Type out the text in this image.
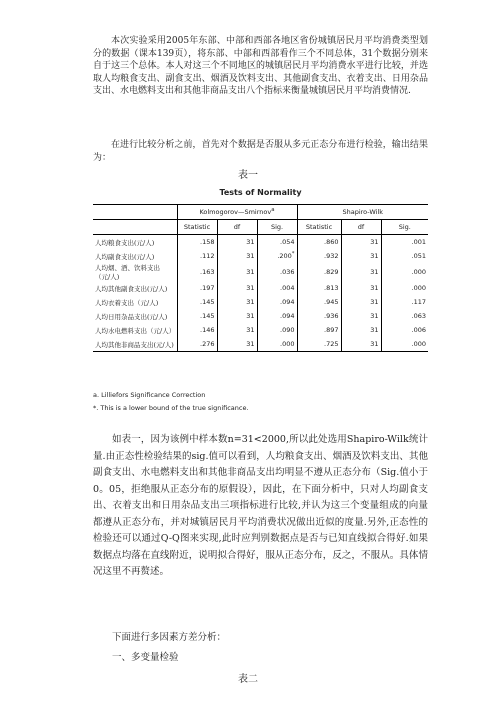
本次实验采用2005年东部、中部和西部各地区省份城镇居民月平均消费类型划分的数据（课本139页），将东部、中部和西部看作三个不同总体，31个数据分别来自于这三个总体。本人对这三个不同地区的城镇居民月平均消费水平进行比较，并选取人均粮食支出、副食支出、烟酒及饮料支出、其他副食支出、衣着支出、日用杂品支出、水电燃料支出和其他非商品支出八个指标来衡量城镇居民月平均消费情况.

在进行比较分析之前，首先对个数据是否服从多元正态分布进行检验，输出结果为：

表一
Tests of Normality
	Kolmogorov—Smirnov$^a$			Shapiro-Wilk		
	Statistic	df	Sig.	Statistic	df	Sig.
人均粮食支出(元/人)	.158	31	.054	.860	31	.001
人均副食支出(元/人)	.112	31	.200*	.932	31	.051
人均烟、酒、饮料支出（元/人)	.163	31	.036	.829	31	.000
人均其他副食支出(元/人)	.197	31	.004	.813	31	.000
人均衣着支出（元/人)	.145	31	.094	.945	31	.117
人均日用杂品支出(元/人)	.145	31	.094	.936	31	.063
人均水电燃料支出（元/人）	.146	31	.090	.897	31	.006
人均其他非商品支出(元/人)	.276	31	.000	.725	31	.000
a. Lilliefors Significance Correction
*. This is a lower bound of the true significance.

如表一，因为该例中样本数n=31<2000,所以此处选用Shapiro-Wilk统计量.由正态性检验结果的sig.值可以看到，人均粮食支出、烟酒及饮料支出、其他副食支出、水电燃料支出和其他非商品支出均明显不遵从正态分布（Sig.值小于0。05，拒绝服从正态分布的原假设），因此，在下面分析中，只对人均副食支出、衣着支出和日用杂品支出三项指标进行比较,并认为这三个变量组成的向量都遵从正态分布，并对城镇居民月平均消费状况做出近似的度量.另外,正态性的检验还可以通过Q-Q图来实现,此时应判别数据点是否与已知直线拟合得好.如果数据点均落在直线附近，说明拟合得好，服从正态分布，反之，不服从。具体情况这里不再赘述。

下面进行多因素方差分析：
一、多变量检验
表二
